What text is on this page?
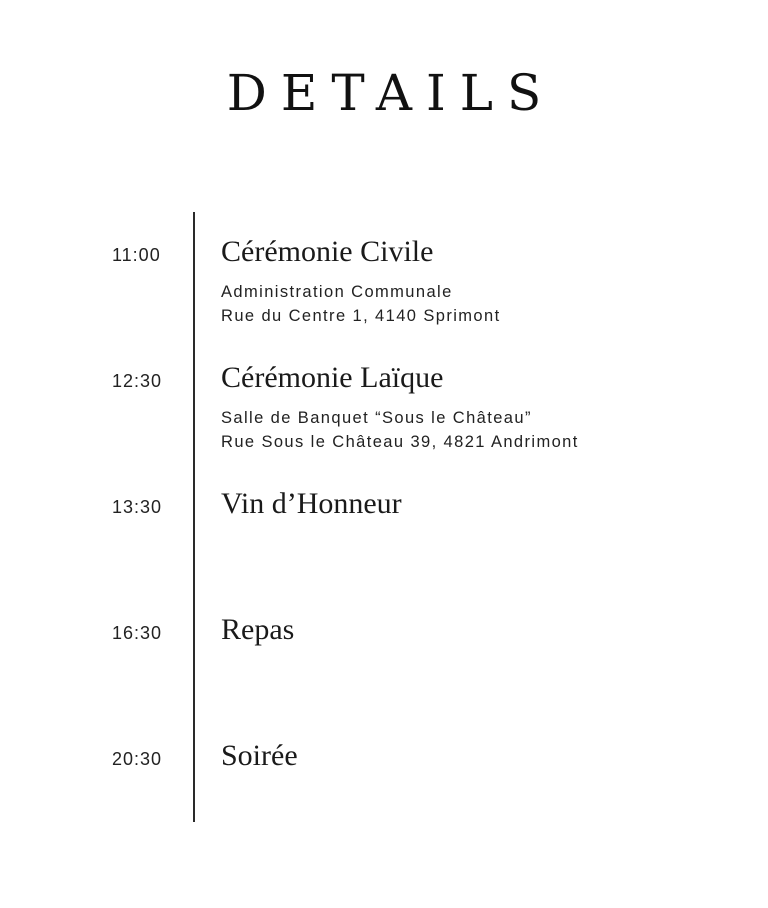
DETAILS
11:00 Cérémonie Civile
Administration Communale
Rue du Centre 1, 4140 Sprimont
12:30 Cérémonie Laïque
Salle de Banquet “Sous le Château”
Rue Sous le Château 39, 4821 Andrimont
13:30 Vin d’Honneur
16:30 Repas
20:30 Soirée
